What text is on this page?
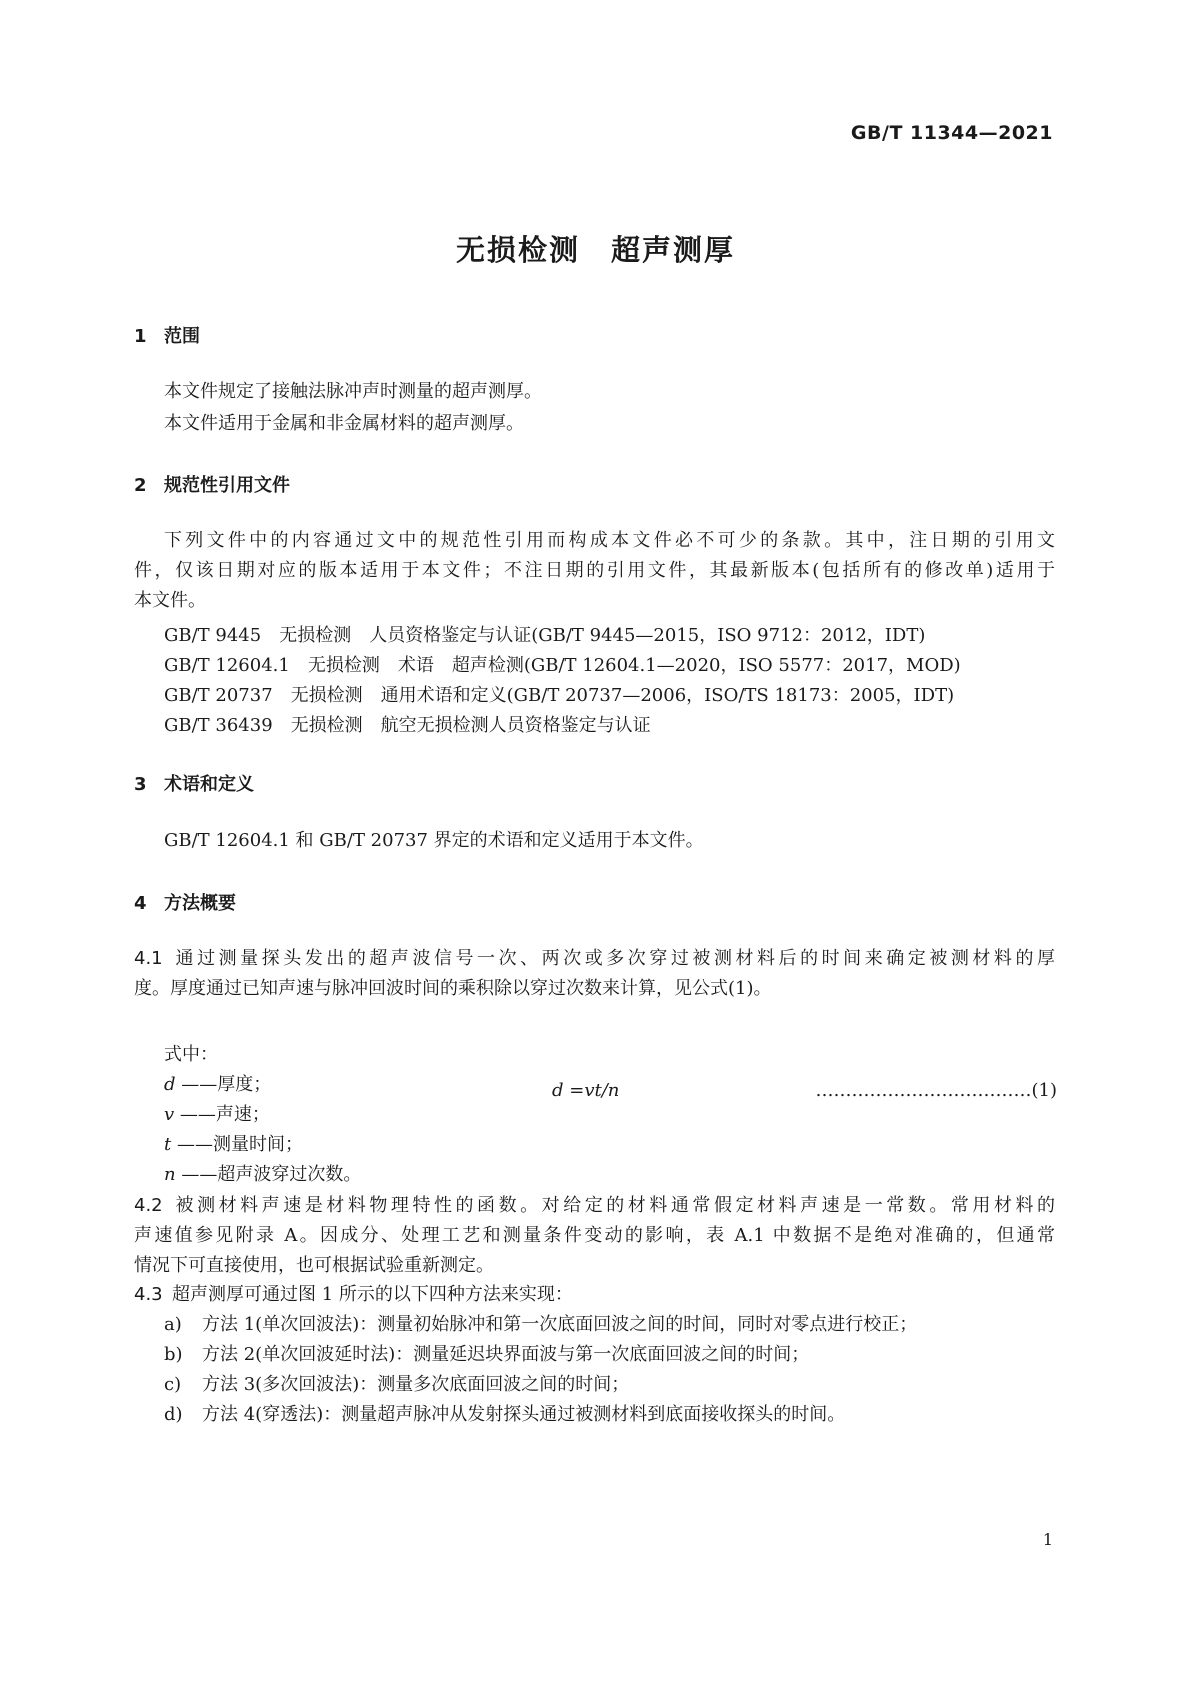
GB/T 11344—2021
无损检测　超声测厚
1 范围
本文件规定了接触法脉冲声时测量的超声测厚。
本文件适用于金属和非金属材料的超声测厚。
2 规范性引用文件
下列文件中的内容通过文中的规范性引用而构成本文件必不可少的条款。其中，注日期的引用文
件，仅该日期对应的版本适用于本文件；不注日期的引用文件，其最新版本(包括所有的修改单)适用于
本文件。
GB/T 9445　无损检测　人员资格鉴定与认证(GB/T 9445—2015，ISO 9712：2012，IDT)
GB/T 12604.1　无损检测　术语　超声检测(GB/T 12604.1—2020，ISO 5577：2017，MOD)
GB/T 20737　无损检测　通用术语和定义(GB/T 20737—2006，ISO/TS 18173：2005，IDT)
GB/T 36439　无损检测　航空无损检测人员资格鉴定与认证
3 术语和定义
GB/T 12604.1 和 GB/T 20737 界定的术语和定义适用于本文件。
4 方法概要
4.1 通过测量探头发出的超声波信号一次、两次或多次穿过被测材料后的时间来确定被测材料的厚
度。厚度通过已知声速与脉冲回波时间的乘积除以穿过次数来计算，见公式(1)。
d =vt/n	………………………………(1)
式中：
d ——厚度；
v ——声速；
t ——测量时间；
n ——超声波穿过次数。
4.2 被测材料声速是材料物理特性的函数。对给定的材料通常假定材料声速是一常数。常用材料的
声速值参见附录 A。因成分、处理工艺和测量条件变动的影响，表 A.1 中数据不是绝对准确的，但通常
情况下可直接使用，也可根据试验重新测定。
4.3 超声测厚可通过图 1 所示的以下四种方法来实现：
a) 方法 1(单次回波法)：测量初始脉冲和第一次底面回波之间的时间，同时对零点进行校正；
b) 方法 2(单次回波延时法)：测量延迟块界面波与第一次底面回波之间的时间；
c) 方法 3(多次回波法)：测量多次底面回波之间的时间；
d) 方法 4(穿透法)：测量超声脉冲从发射探头通过被测材料到底面接收探头的时间。
1
